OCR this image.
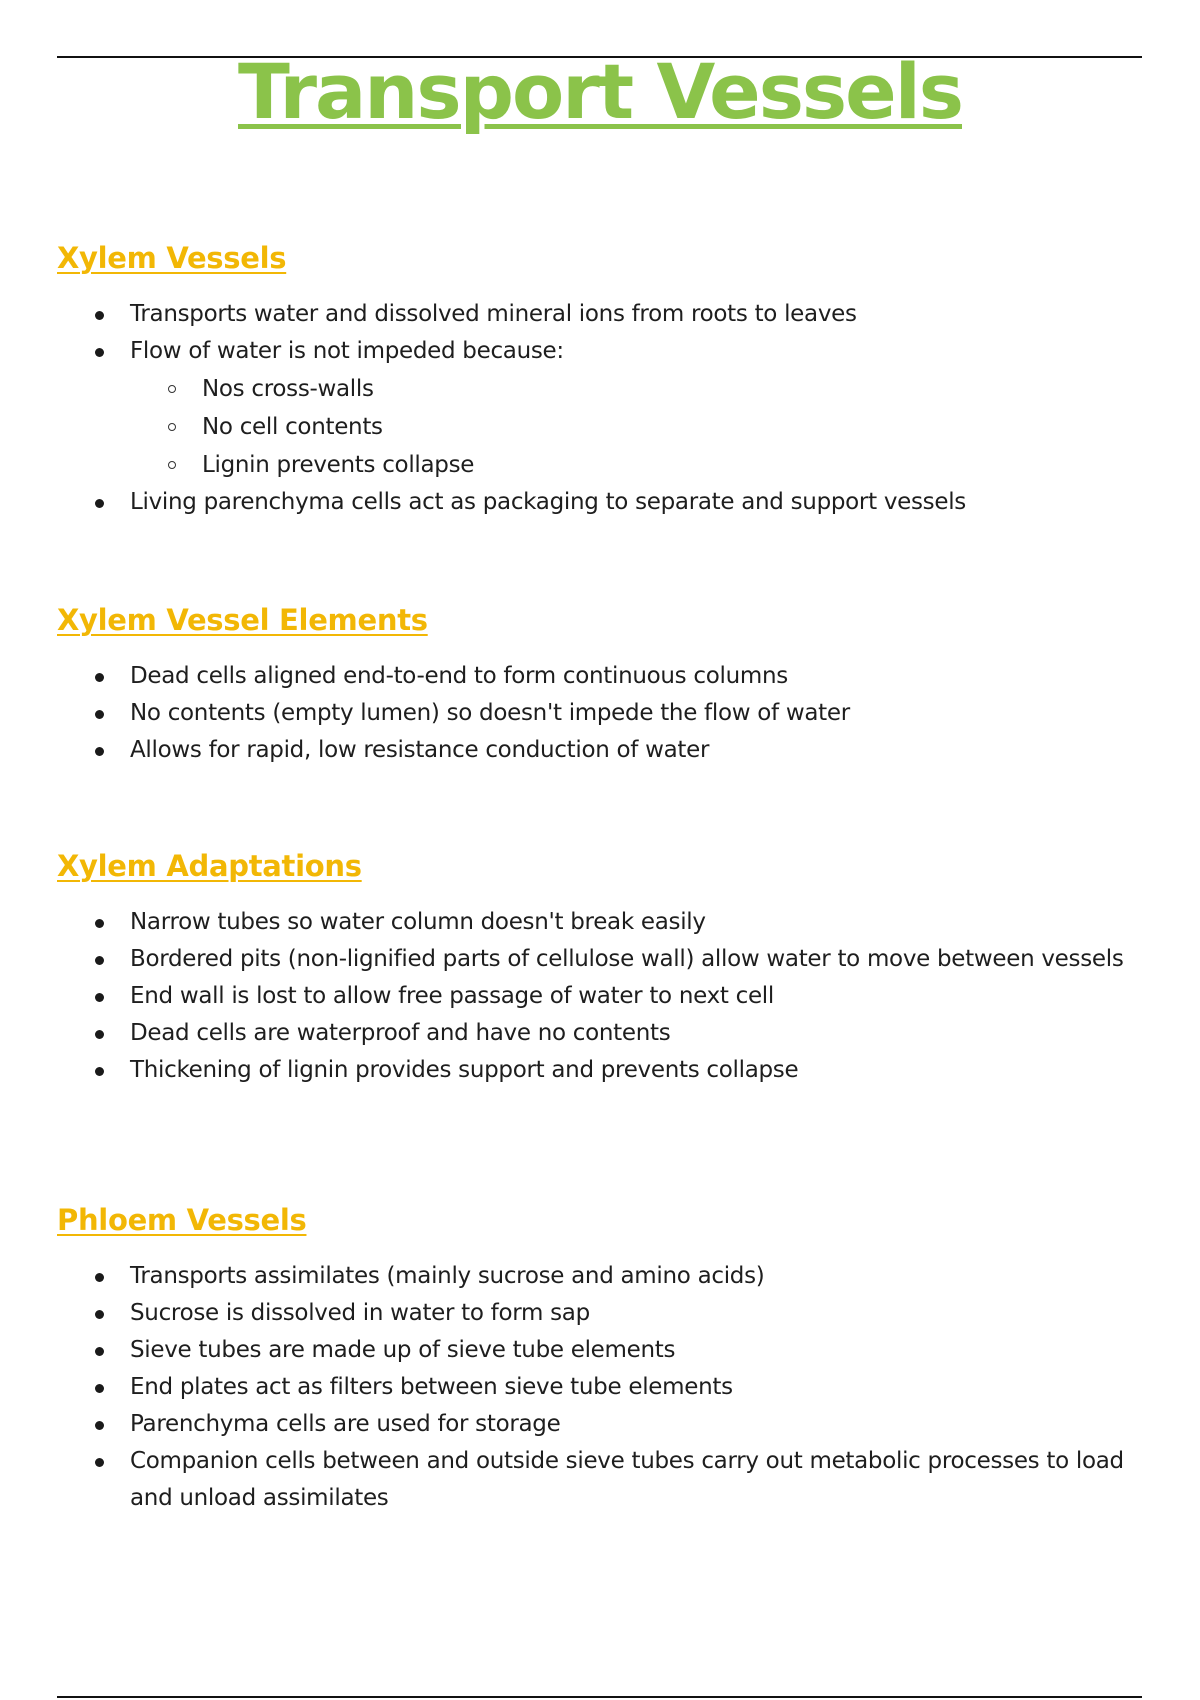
Transport Vessels
Xylem Vessels
Transports water and dissolved mineral ions from roots to leaves
Flow of water is not impeded because:
Nos cross-walls
No cell contents
Lignin prevents collapse
Living parenchyma cells act as packaging to separate and support vessels
Xylem Vessel Elements
Dead cells aligned end-to-end to form continuous columns
No contents (empty lumen) so doesn't impede the flow of water
Allows for rapid, low resistance conduction of water
Xylem Adaptations
Narrow tubes so water column doesn't break easily
Bordered pits (non-lignified parts of cellulose wall) allow water to move between vessels
End wall is lost to allow free passage of water to next cell
Dead cells are waterproof and have no contents
Thickening of lignin provides support and prevents collapse
Phloem Vessels
Transports assimilates (mainly sucrose and amino acids)
Sucrose is dissolved in water to form sap
Sieve tubes are made up of sieve tube elements
End plates act as filters between sieve tube elements
Parenchyma cells are used for storage
Companion cells between and outside sieve tubes carry out metabolic processes to load and unload assimilates
